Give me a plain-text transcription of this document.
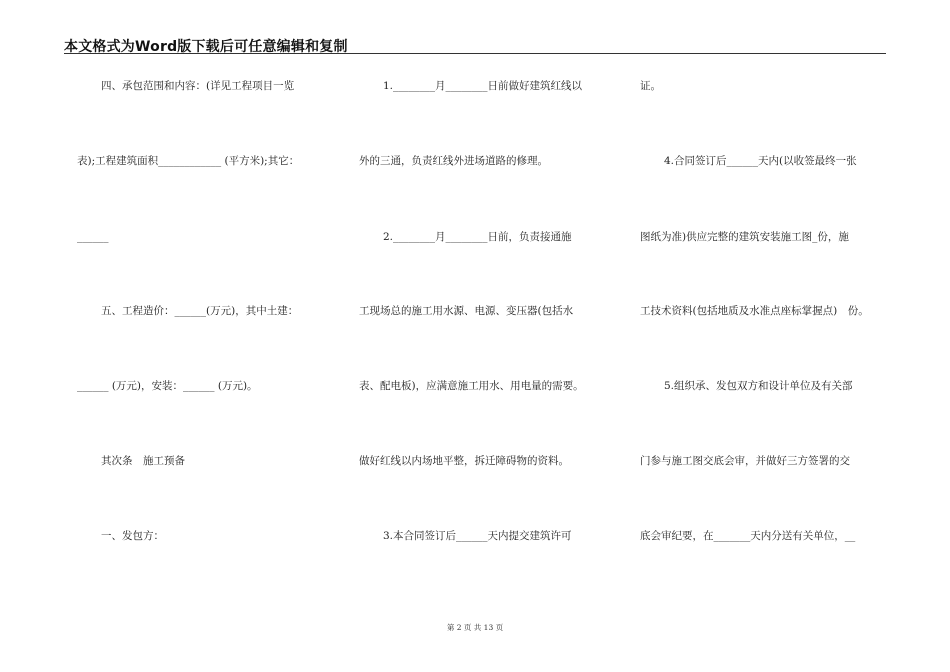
本文格式为Word版下载后可任意编辑和复制
四、承包范围和内容：(详见工程项目一览
表);工程建筑面积____________ (平方米);其它：
______
五、工程造价：______(万元)，其中土建：
______ (万元)，安装：______ (万元)。
其次条　施工预备
一、发包方：
1.________月________日前做好建筑红线以
外的三通，负责红线外进场道路的修理。
2.________月________日前，负责接通施
工现场总的施工用水源、电源、变压器(包括水
表、配电板)，应满意施工用水、用电量的需要。
做好红线以内场地平整，拆迁障碍物的资料。
3.本合同签订后______天内提交建筑许可
证。
4.合同签订后______天内(以收签最终一张
图纸为准)供应完整的建筑安装施工图_份，施
工技术资料(包括地质及水准点座标掌握点)　份。
5.组织承、发包双方和设计单位及有关部
门参与施工图交底会审，并做好三方签署的交
底会审纪要，在_______天内分送有关单位，__
第 2 页 共 13 页
